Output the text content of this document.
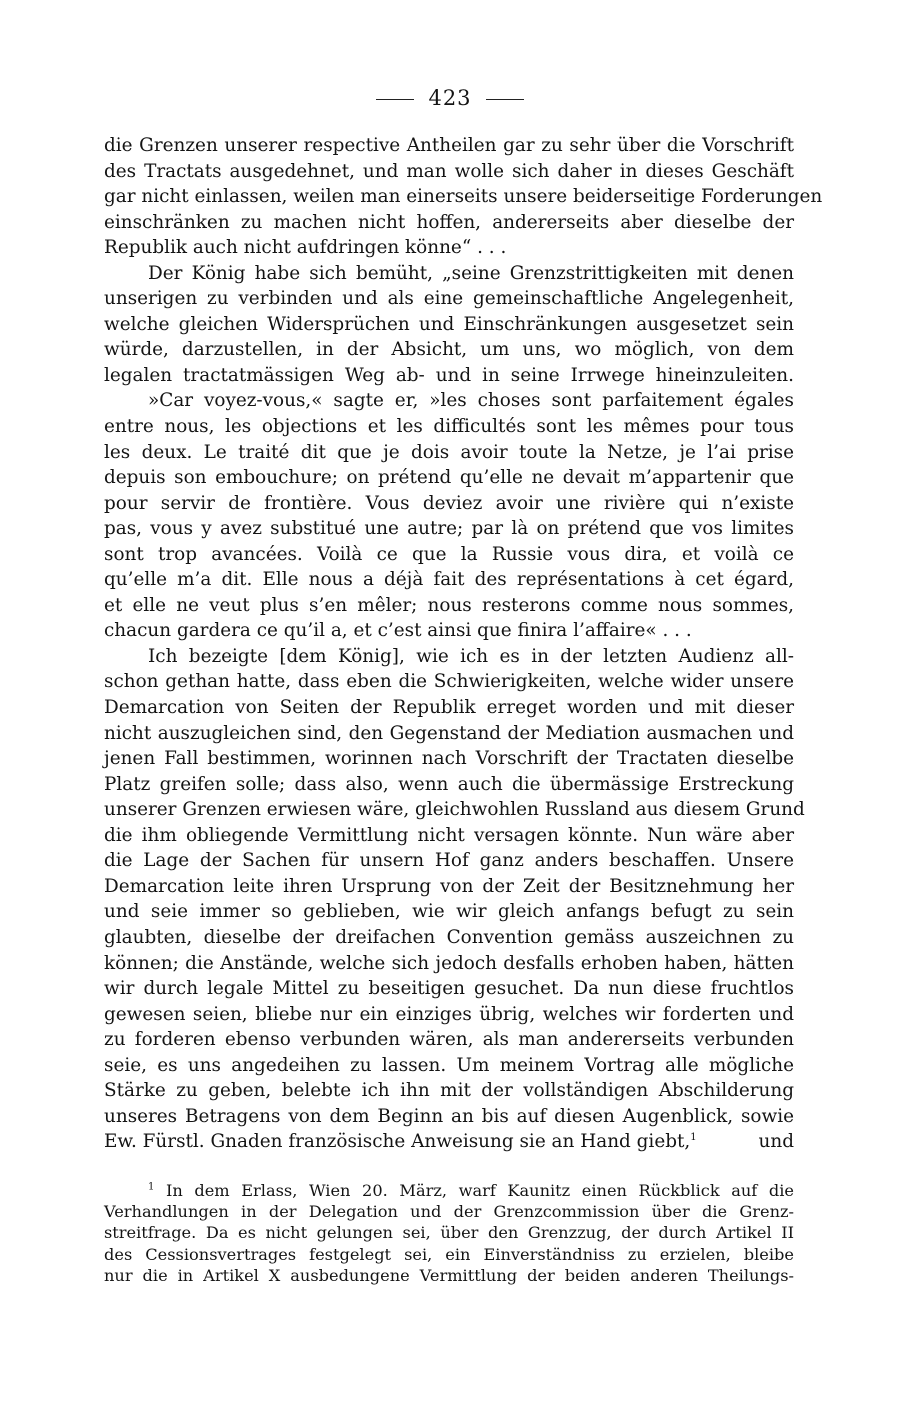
423
die Grenzen unserer respective Antheilen gar zu sehr über die Vorschrift
des Tractats ausgedehnet, und man wolle sich daher in dieses Geschäft
gar nicht einlassen, weilen man einerseits unsere beiderseitige Forderungen
einschränken zu machen nicht hoffen, andererseits aber dieselbe der
Republik auch nicht aufdringen könne“ . . .
Der König habe sich bemüht, „seine Grenzstrittigkeiten mit denen
unserigen zu verbinden und als eine gemeinschaftliche Angelegenheit,
welche gleichen Widersprüchen und Einschränkungen ausgesetzet sein
würde, darzustellen, in der Absicht, um uns, wo möglich, von dem
legalen tractatmässigen Weg ab- und in seine Irrwege hineinzuleiten.
»Car voyez-vous,« sagte er, »les choses sont parfaitement égales
entre nous, les objections et les difficultés sont les mêmes pour tous
les deux. Le traité dit que je dois avoir toute la Netze, je l’ai prise
depuis son embouchure; on prétend qu’elle ne devait m’appartenir que
pour servir de frontière. Vous deviez avoir une rivière qui n’existe
pas, vous y avez substitué une autre; par là on prétend que vos limites
sont trop avancées. Voilà ce que la Russie vous dira, et voilà ce
qu’elle m’a dit. Elle nous a déjà fait des représentations à cet égard,
et elle ne veut plus s’en mêler; nous resterons comme nous sommes,
chacun gardera ce qu’il a, et c’est ainsi que finira l’affaire« . . .
Ich bezeigte [dem König], wie ich es in der letzten Audienz all-
schon gethan hatte, dass eben die Schwierigkeiten, welche wider unsere
Demarcation von Seiten der Republik erreget worden und mit dieser
nicht auszugleichen sind, den Gegenstand der Mediation ausmachen und
jenen Fall bestimmen, worinnen nach Vorschrift der Tractaten dieselbe
Platz greifen solle; dass also, wenn auch die übermässige Erstreckung
unserer Grenzen erwiesen wäre, gleichwohlen Russland aus diesem Grund
die ihm obliegende Vermittlung nicht versagen könnte. Nun wäre aber
die Lage der Sachen für unsern Hof ganz anders beschaffen. Unsere
Demarcation leite ihren Ursprung von der Zeit der Besitznehmung her
und seie immer so geblieben, wie wir gleich anfangs befugt zu sein
glaubten, dieselbe der dreifachen Convention gemäss auszeichnen zu
können; die Anstände, welche sich jedoch desfalls erhoben haben, hätten
wir durch legale Mittel zu beseitigen gesuchet. Da nun diese fruchtlos
gewesen seien, bliebe nur ein einziges übrig, welches wir forderten und
zu forderen ebenso verbunden wären, als man andererseits verbunden
seie, es uns angedeihen zu lassen. Um meinem Vortrag alle mögliche
Stärke zu geben, belebte ich ihn mit der vollständigen Abschilderung
unseres Betragens von dem Beginn an bis auf diesen Augenblick, sowie
Ew. Fürstl. Gnaden französische Anweisung sie an Hand giebt,$^1$	und
$^1$ In dem Erlass, Wien 20. März, warf Kaunitz einen Rückblick auf die
Verhandlungen in der Delegation und der Grenzcommission über die Grenz-
streitfrage. Da es nicht gelungen sei, über den Grenzzug, der durch Artikel II
des Cessionsvertrages festgelegt sei, ein Einverständniss zu erzielen, bleibe
nur die in Artikel X ausbedungene Vermittlung der beiden anderen Theilungs-
